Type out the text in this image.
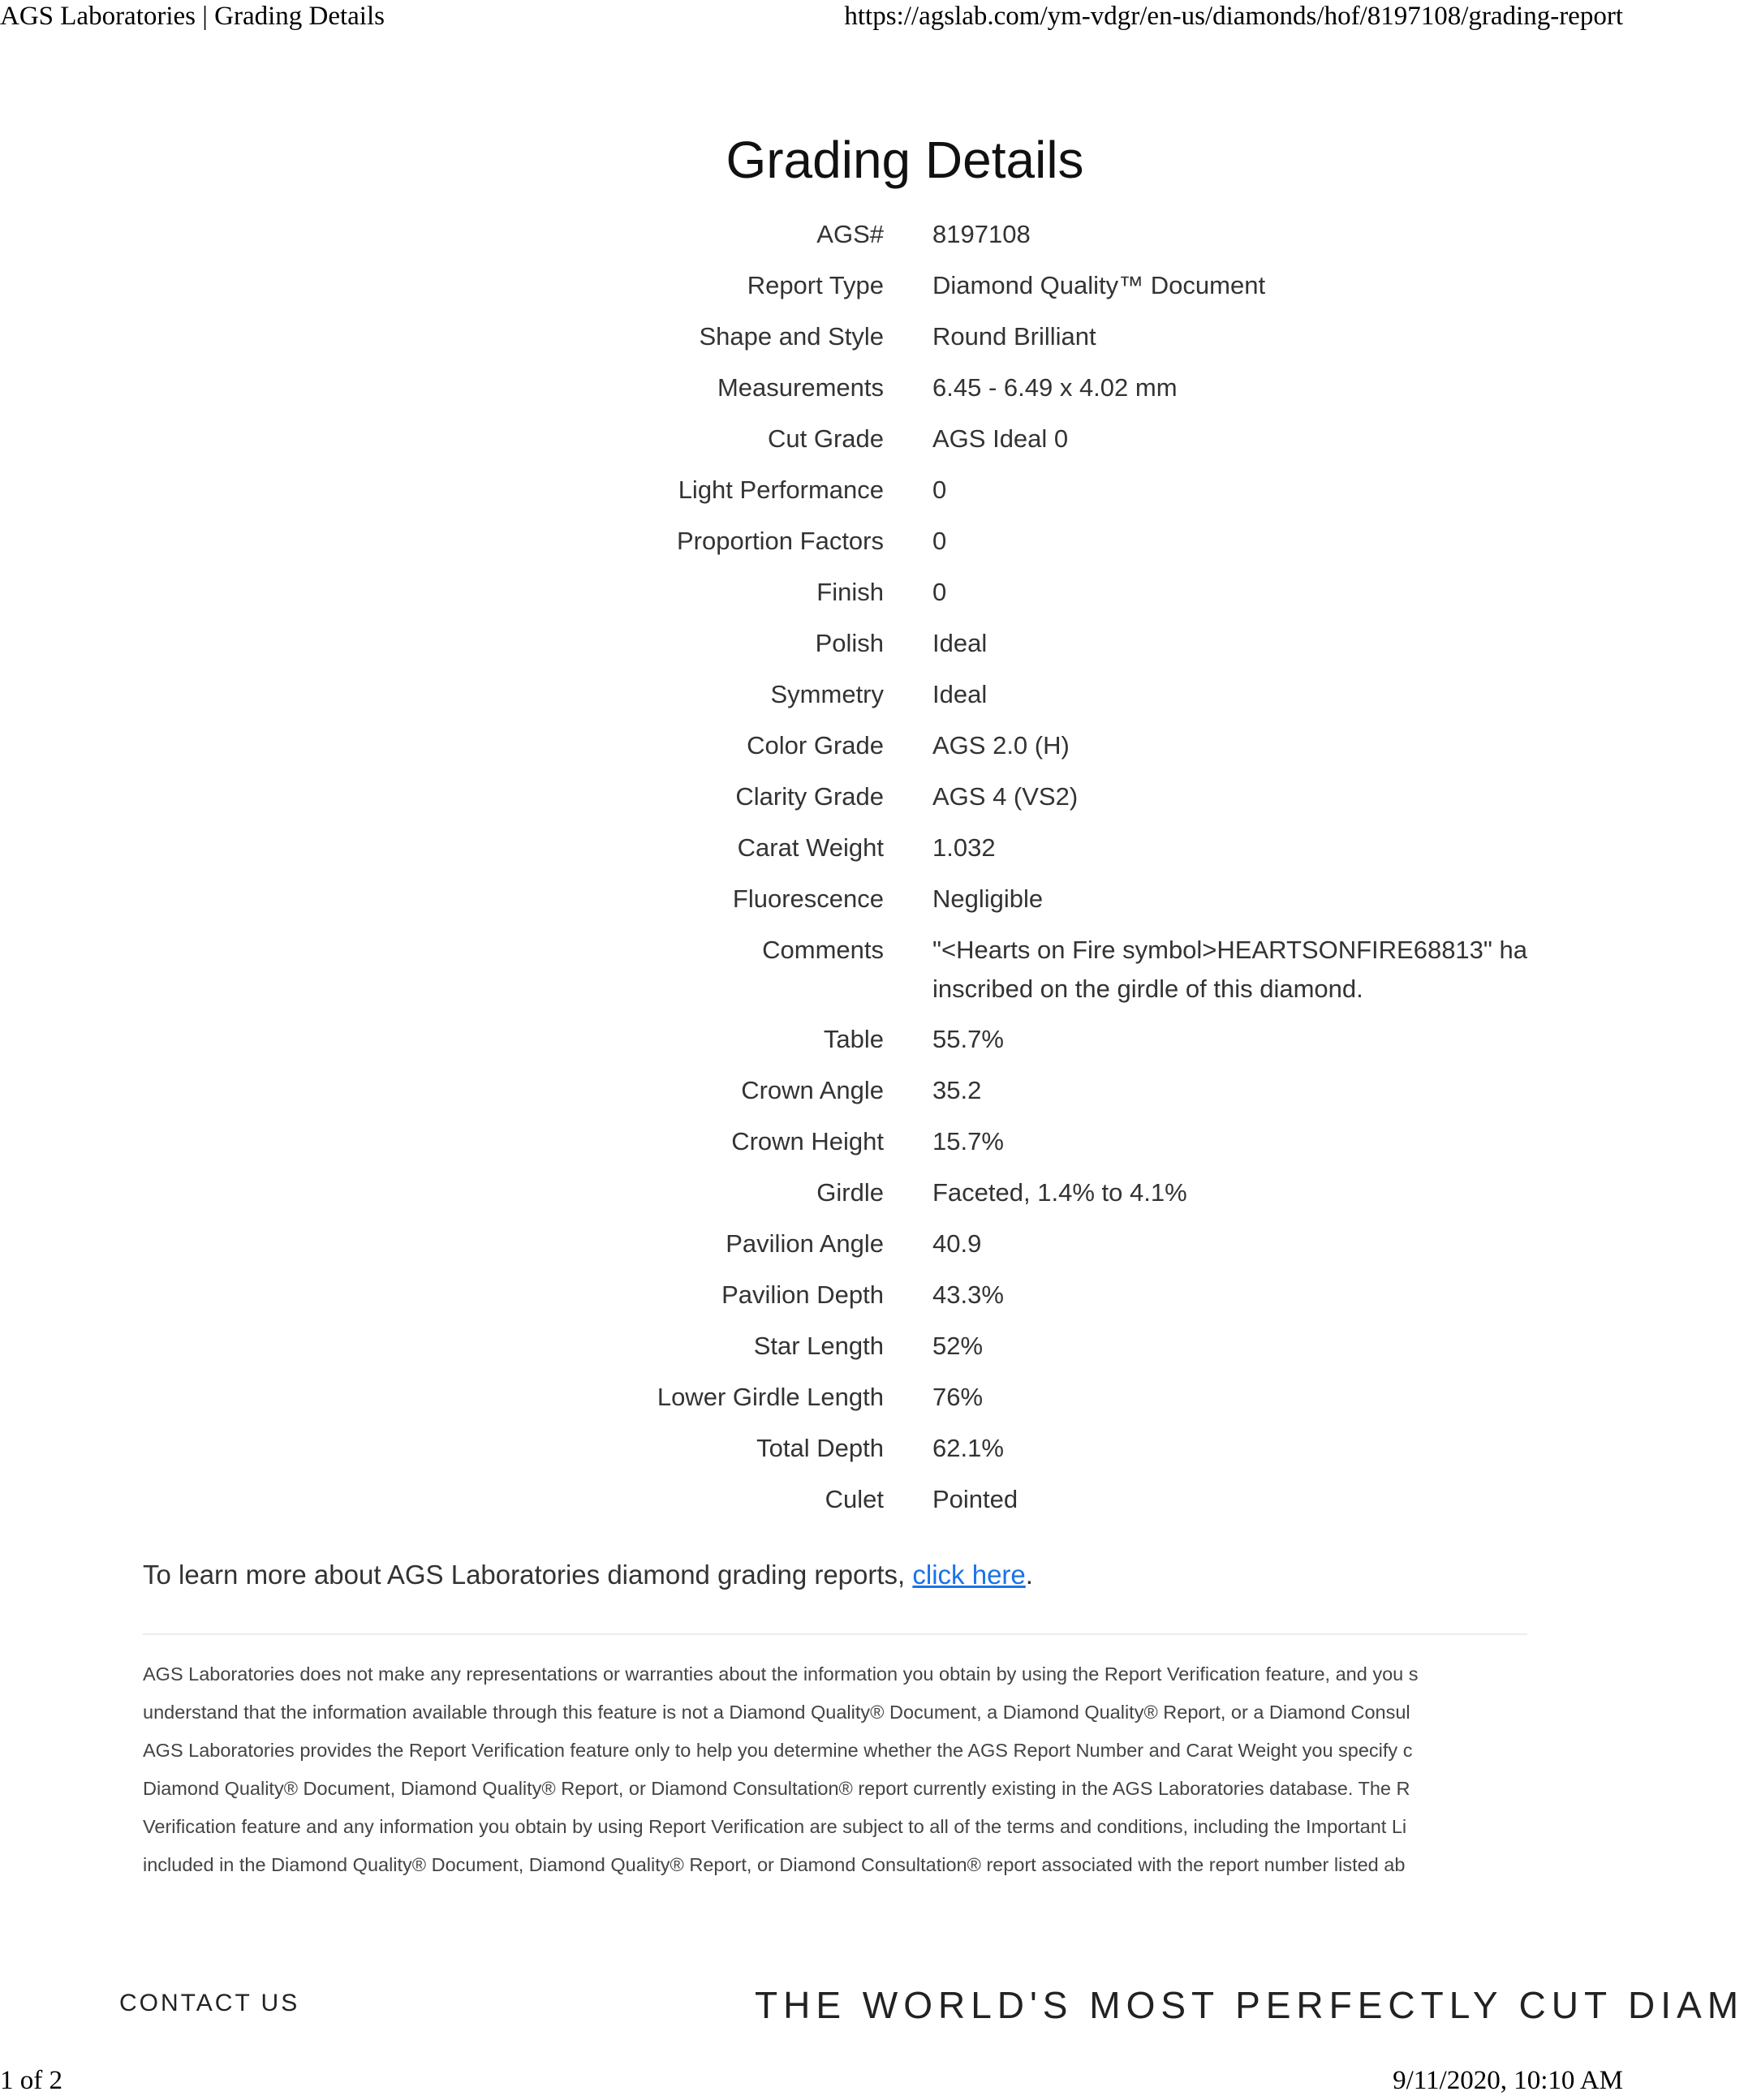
AGS Laboratories | Grading Details	https://agslab.com/ym-vdgr/en-us/diamonds/hof/8197108/grading-report
Grading Details
AGS# 8197108
Report Type Diamond Quality™ Document
Shape and Style Round Brilliant
Measurements 6.45 - 6.49 x 4.02 mm
Cut Grade AGS Ideal 0
Light Performance 0
Proportion Factors 0
Finish 0
Polish Ideal
Symmetry Ideal
Color Grade AGS 2.0 (H)
Clarity Grade AGS 4 (VS2)
Carat Weight 1.032
Fluorescence Negligible
Comments "<Hearts on Fire symbol>HEARTSONFIRE68813" ha
inscribed on the girdle of this diamond.
Table 55.7%
Crown Angle 35.2
Crown Height 15.7%
Girdle Faceted, 1.4% to 4.1%
Pavilion Angle 40.9
Pavilion Depth 43.3%
Star Length 52%
Lower Girdle Length 76%
Total Depth 62.1%
Culet Pointed
To learn more about AGS Laboratories diamond grading reports, click here.
AGS Laboratories does not make any representations or warranties about the information you obtain by using the Report Verification feature, and you s
understand that the information available through this feature is not a Diamond Quality® Document, a Diamond Quality® Report, or a Diamond Consul
AGS Laboratories provides the Report Verification feature only to help you determine whether the AGS Report Number and Carat Weight you specify c
Diamond Quality® Document, Diamond Quality® Report, or Diamond Consultation® report currently existing in the AGS Laboratories database. The R
Verification feature and any information you obtain by using Report Verification are subject to all of the terms and conditions, including the Important Li
included in the Diamond Quality® Document, Diamond Quality® Report, or Diamond Consultation® report associated with the report number listed ab
CONTACT US	THE WORLD'S MOST PERFECTLY CUT DIAM
1 of 2	9/11/2020, 10:10 AM
